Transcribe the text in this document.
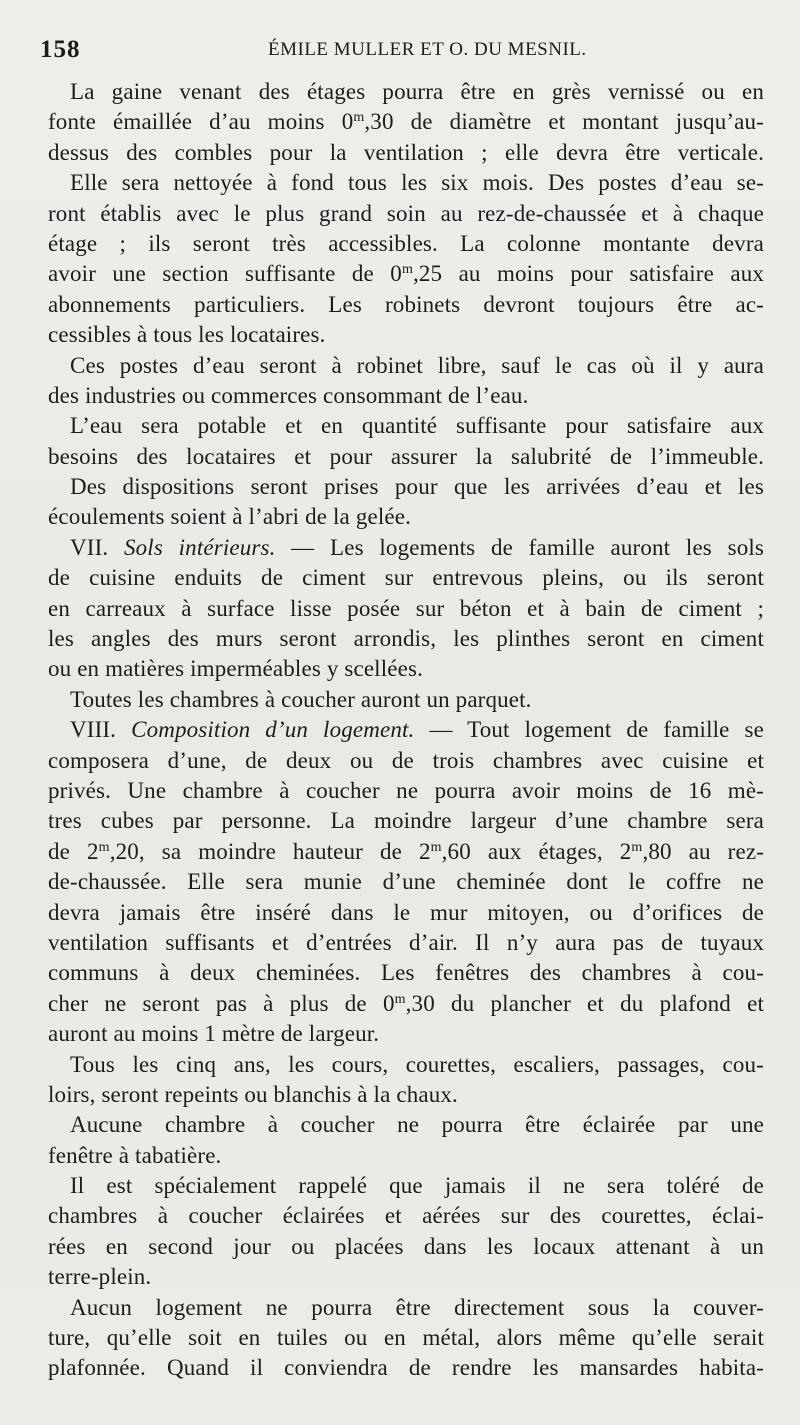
158	ÉMILE MULLER ET O. DU MESNIL.
La gaine venant des étages pourra être en grès vernissé ou en
fonte émaillée d’au moins 0$^m$,30 de diamètre et montant jusqu’au-
dessus des combles pour la ventilation ; elle devra être verticale.
Elle sera nettoyée à fond tous les six mois. Des postes d’eau se-
ront établis avec le plus grand soin au rez-de-chaussée et à chaque
étage ; ils seront très accessibles. La colonne montante devra
avoir une section suffisante de 0$^m$,25 au moins pour satisfaire aux
abonnements particuliers. Les robinets devront toujours être ac-
cessibles à tous les locataires.
Ces postes d’eau seront à robinet libre, sauf le cas où il y aura
des industries ou commerces consommant de l’eau.
L’eau sera potable et en quantité suffisante pour satisfaire aux
besoins des locataires et pour assurer la salubrité de l’immeuble.
Des dispositions seront prises pour que les arrivées d’eau et les
écoulements soient à l’abri de la gelée.
VII. Sols intérieurs. — Les logements de famille auront les sols
de cuisine enduits de ciment sur entrevous pleins, ou ils seront
en carreaux à surface lisse posée sur béton et à bain de ciment ;
les angles des murs seront arrondis, les plinthes seront en ciment
ou en matières imperméables y scellées.
Toutes les chambres à coucher auront un parquet.
VIII. Composition d’un logement. — Tout logement de famille se
composera d’une, de deux ou de trois chambres avec cuisine et
privés. Une chambre à coucher ne pourra avoir moins de 16 mè-
tres cubes par personne. La moindre largeur d’une chambre sera
de 2$^m$,20, sa moindre hauteur de 2$^m$,60 aux étages, 2$^m$,80 au rez-
de-chaussée. Elle sera munie d’une cheminée dont le coffre ne
devra jamais être inséré dans le mur mitoyen, ou d’orifices de
ventilation suffisants et d’entrées d’air. Il n’y aura pas de tuyaux
communs à deux cheminées. Les fenêtres des chambres à cou-
cher ne seront pas à plus de 0$^m$,30 du plancher et du plafond et
auront au moins 1 mètre de largeur.
Tous les cinq ans, les cours, courettes, escaliers, passages, cou-
loirs, seront repeints ou blanchis à la chaux.
Aucune chambre à coucher ne pourra être éclairée par une
fenêtre à tabatière.
Il est spécialement rappelé que jamais il ne sera toléré de
chambres à coucher éclairées et aérées sur des courettes, éclai-
rées en second jour ou placées dans les locaux attenant à un
terre-plein.
Aucun logement ne pourra être directement sous la couver-
ture, qu’elle soit en tuiles ou en métal, alors même qu’elle serait
plafonnée. Quand il conviendra de rendre les mansardes habita-
